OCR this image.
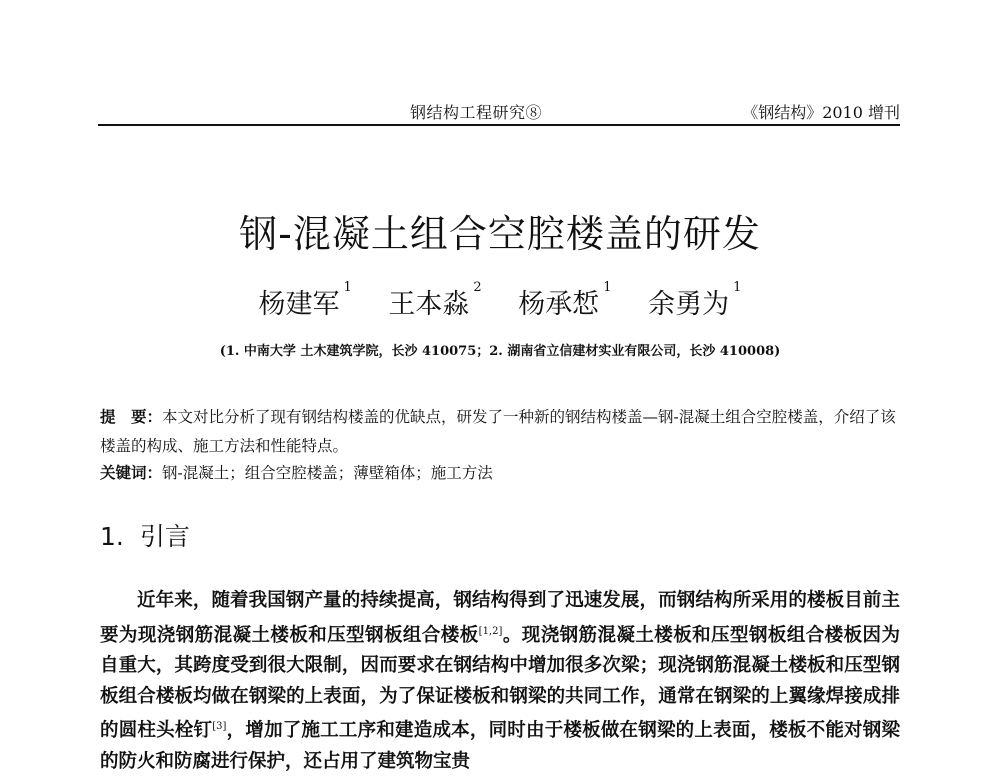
钢结构工程研究⑧	《钢结构》2010 增刊
钢-混凝土组合空腔楼盖的研发
杨建军$^1$ 王本淼$^2$ 杨承惁$^1$ 余勇为$^1$
(1. 中南大学 土木建筑学院，长沙 410075；2. 湖南省立信建材实业有限公司，长沙 410008)
提　要：本文对比分析了现有钢结构楼盖的优缺点，研发了一种新的钢结构楼盖—钢-混凝土组合空腔楼盖，介绍了该楼盖的构成、施工方法和性能特点。
关键词：钢-混凝土；组合空腔楼盖；薄壁箱体；施工方法
1. 引言
近年来，随着我国钢产量的持续提高，钢结构得到了迅速发展，而钢结构所采用的楼板目前主要为现浇钢筋混凝土楼板和压型钢板组合楼板[1,2]。现浇钢筋混凝土楼板和压型钢板组合楼板因为自重大，其跨度受到很大限制，因而要求在钢结构中增加很多次梁；现浇钢筋混凝土楼板和压型钢板组合楼板均做在钢梁的上表面，为了保证楼板和钢梁的共同工作，通常在钢梁的上翼缘焊接成排的圆柱头栓钉[3]，增加了施工工序和建造成本，同时由于楼板做在钢梁的上表面，楼板不能对钢梁的防火和防腐进行保护，还占用了建筑物宝贵
